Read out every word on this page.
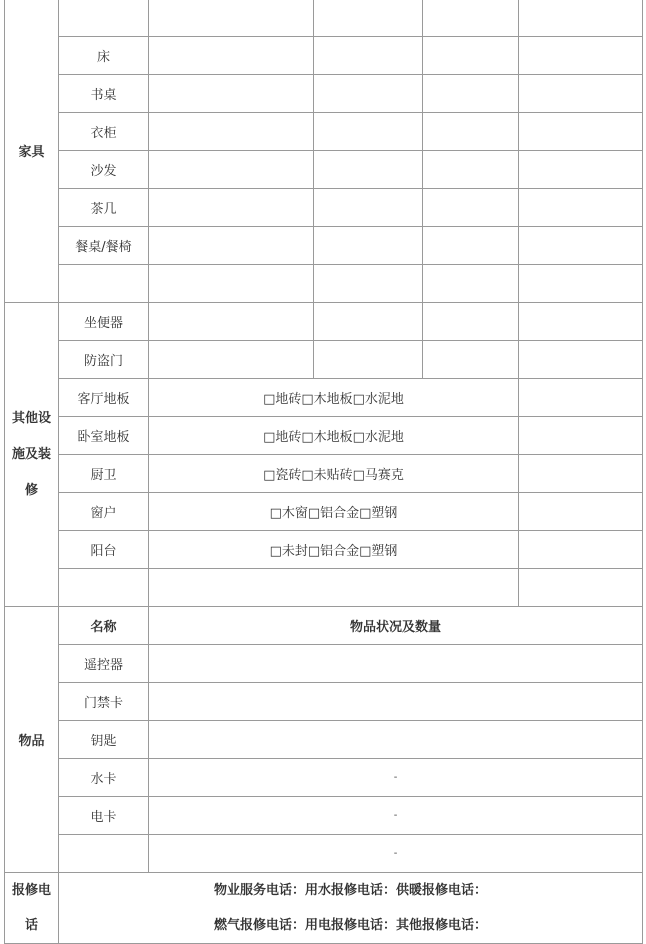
家具					
	床				
	书桌				
	衣柜				
	沙发				
	茶几				
	餐桌/餐椅				

其他设
施及装
修	坐便器				
	防盗门				
	客厅地板	□地砖□木地板□水泥地			
	卧室地板	□地砖□木地板□水泥地			
	厨卫	□瓷砖□未贴砖□马赛克			
	窗户	□木窗□铝合金□塑钢			
	阳台	□未封□铝合金□塑钢			

物品	名称	物品状况及数量			
	遥控器				
	门禁卡				
	钥匙				
	水卡	-			
	电卡	-			
		-			
报修电
话	物业服务电话：用水报修电话：供暖报修电话：
燃气报修电话：用电报修电话：其他报修电话：				
